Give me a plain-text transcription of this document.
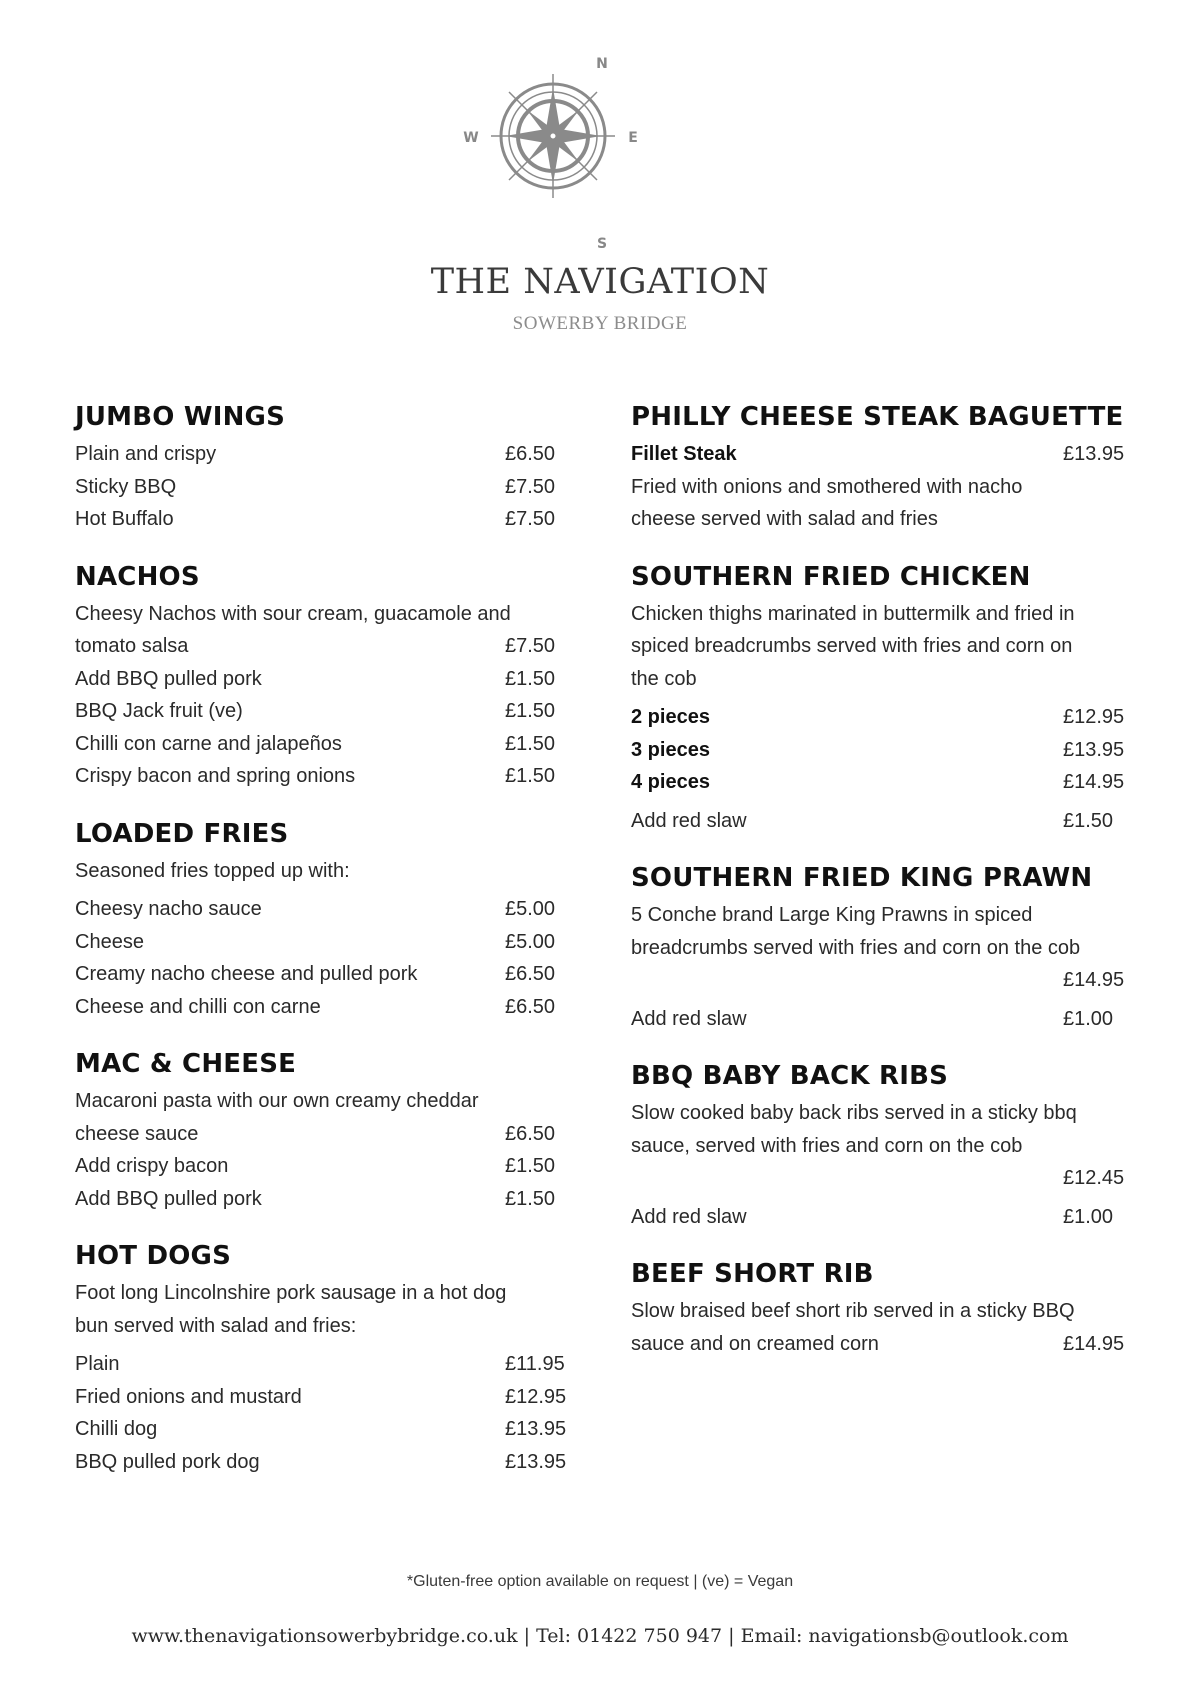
N
S
E
W
THE NAVIGATION
SOWERBY BRIDGE
JUMBO WINGS
Plain and crispy	£6.50
Sticky BBQ	£7.50
Hot Buffalo	£7.50
NACHOS
Cheesy Nachos with sour cream, guacamole and
tomato salsa	£7.50
Add BBQ pulled pork	£1.50
BBQ Jack fruit (ve)	£1.50
Chilli con carne and jalapeños	£1.50
Crispy bacon and spring onions	£1.50
LOADED FRIES
Seasoned fries topped up with:
Cheesy nacho sauce	£5.00
Cheese	£5.00
Creamy nacho cheese and pulled pork	£6.50
Cheese and chilli con carne	£6.50
MAC & CHEESE
Macaroni pasta with our own creamy cheddar
cheese sauce	£6.50
Add crispy bacon	£1.50
Add BBQ pulled pork	£1.50
HOT DOGS
Foot long Lincolnshire pork sausage in a hot dog
bun served with salad and fries:
Plain	£11.95
Fried onions and mustard	£12.95
Chilli dog	£13.95
BBQ pulled pork dog	£13.95
PHILLY CHEESE STEAK BAGUETTE
Fillet Steak	£13.95
Fried with onions and smothered with nacho
cheese served with salad and fries
SOUTHERN FRIED CHICKEN
Chicken thighs marinated in buttermilk and fried in
spiced breadcrumbs served with fries and corn on
the cob
2 pieces	£12.95
3 pieces	£13.95
4 pieces	£14.95
Add red slaw	£1.50
SOUTHERN FRIED KING PRAWN
5 Conche brand Large King Prawns in spiced
breadcrumbs served with fries and corn on the cob
£14.95
Add red slaw	£1.00
BBQ BABY BACK RIBS
Slow cooked baby back ribs served in a sticky bbq
sauce, served with fries and corn on the cob
£12.45
Add red slaw	£1.00
BEEF SHORT RIB
Slow braised beef short rib served in a sticky BBQ
sauce and on creamed corn	£14.95
*Gluten-free option available on request | (ve) = Vegan
www.thenavigationsowerbybridge.co.uk | Tel: 01422 750 947 | Email: navigationsb@outlook.com
